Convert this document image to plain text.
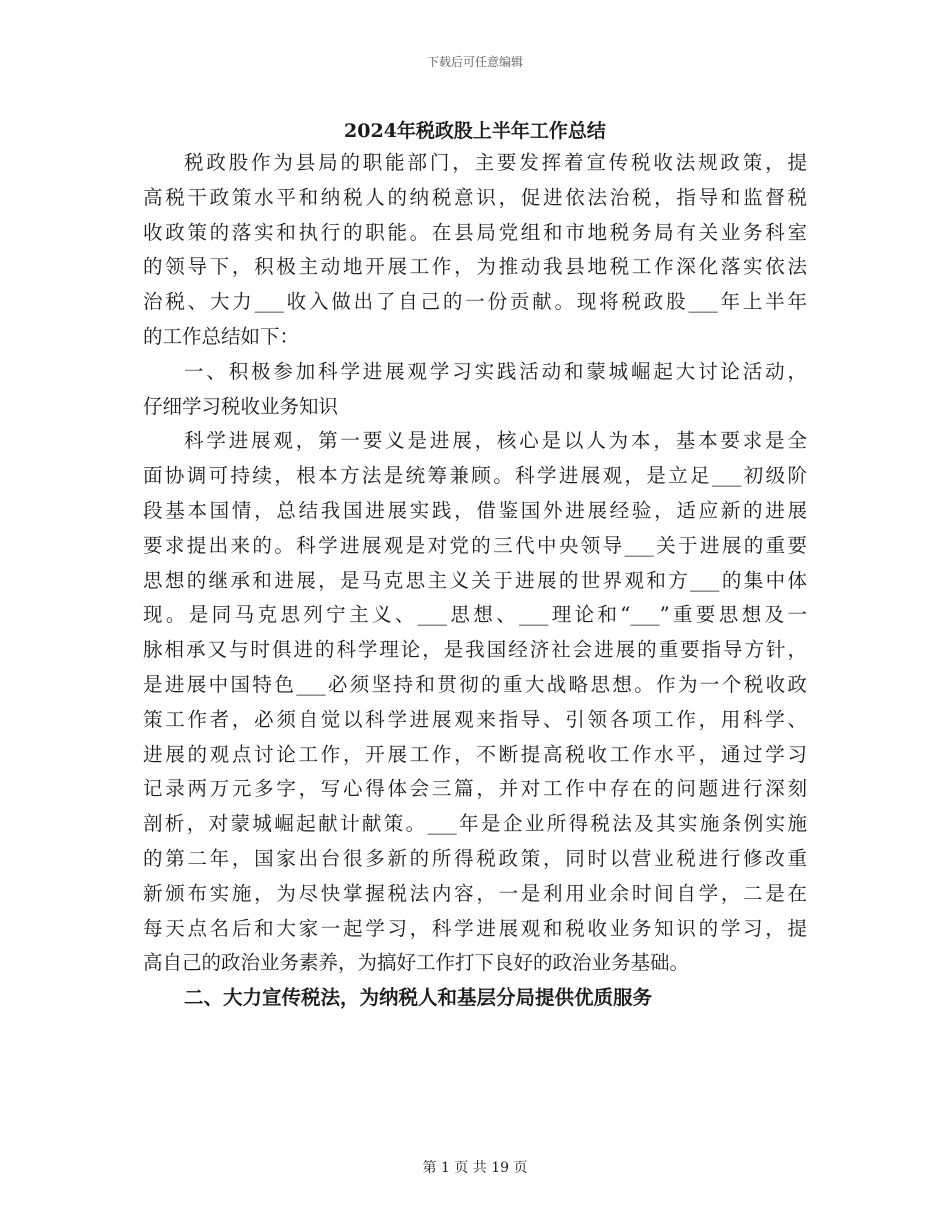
下载后可任意编辑
2024年税政股上半年工作总结
税政股作为县局的职能部门，主要发挥着宣传税收法规政策，提
高税干政策水平和纳税人的纳税意识，促进依法治税，指导和监督税
收政策的落实和执行的职能。在县局党组和市地税务局有关业务科室
的领导下，积极主动地开展工作，为推动我县地税工作深化落实依法
治税、大力___收入做出了自己的一份贡献。现将税政股___年上半年
的工作总结如下：
一、积极参加科学进展观学习实践活动和蒙城崛起大讨论活动，
仔细学习税收业务知识
科学进展观，第一要义是进展，核心是以人为本，基本要求是全
面协调可持续，根本方法是统筹兼顾。科学进展观，是立足___初级阶
段基本国情，总结我国进展实践，借鉴国外进展经验，适应新的进展
要求提出来的。科学进展观是对党的三代中央领导___关于进展的重要
思想的继承和进展，是马克思主义关于进展的世界观和方___的集中体
现。是同马克思列宁主义、___思想、___理论和“___”重要思想及一
脉相承又与时俱进的科学理论，是我国经济社会进展的重要指导方针，
是进展中国特色___必须坚持和贯彻的重大战略思想。作为一个税收政
策工作者，必须自觉以科学进展观来指导、引领各项工作，用科学、
进展的观点讨论工作，开展工作，不断提高税收工作水平，通过学习
记录两万元多字，写心得体会三篇，并对工作中存在的问题进行深刻
剖析，对蒙城崛起献计献策。___年是企业所得税法及其实施条例实施
的第二年，国家出台很多新的所得税政策，同时以营业税进行修改重
新颁布实施，为尽快掌握税法内容，一是利用业余时间自学，二是在
每天点名后和大家一起学习，科学进展观和税收业务知识的学习，提
高自己的政治业务素养，为搞好工作打下良好的政治业务基础。
二、大力宣传税法，为纳税人和基层分局提供优质服务
第 1 页 共 19 页
